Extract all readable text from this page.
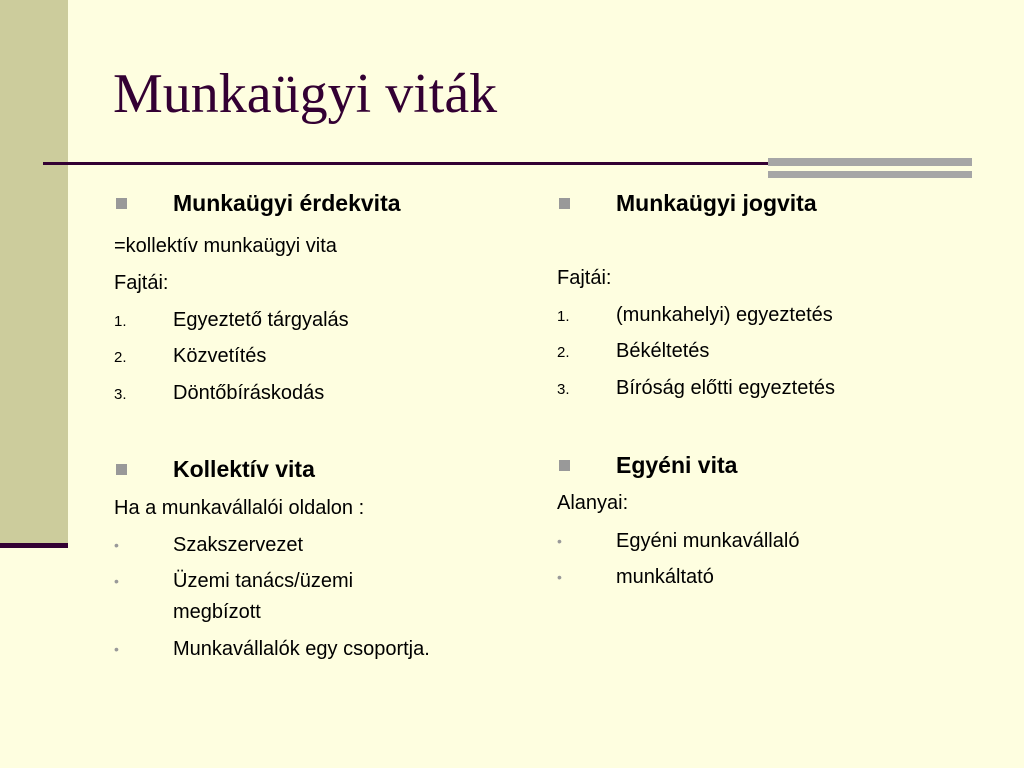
Munkaügyi viták
Munkaügyi érdekvita
=kollektív munkaügyi vita
Fajtái:
1. Egyeztető tárgyalás
2. Közvetítés
3. Döntőbíráskodás
Kollektív vita
Ha a munkavállalói oldalon :
•	Szakszervezet
•	Üzemi tanács/üzemi
megbízott
•	Munkavállalók egy csoportja.
Munkaügyi jogvita
Fajtái:
1. (munkahelyi) egyeztetés
2. Békéltetés
3. Bíróság előtti egyeztetés
Egyéni vita
Alanyai:
•	Egyéni munkavállaló
•	munkáltató
